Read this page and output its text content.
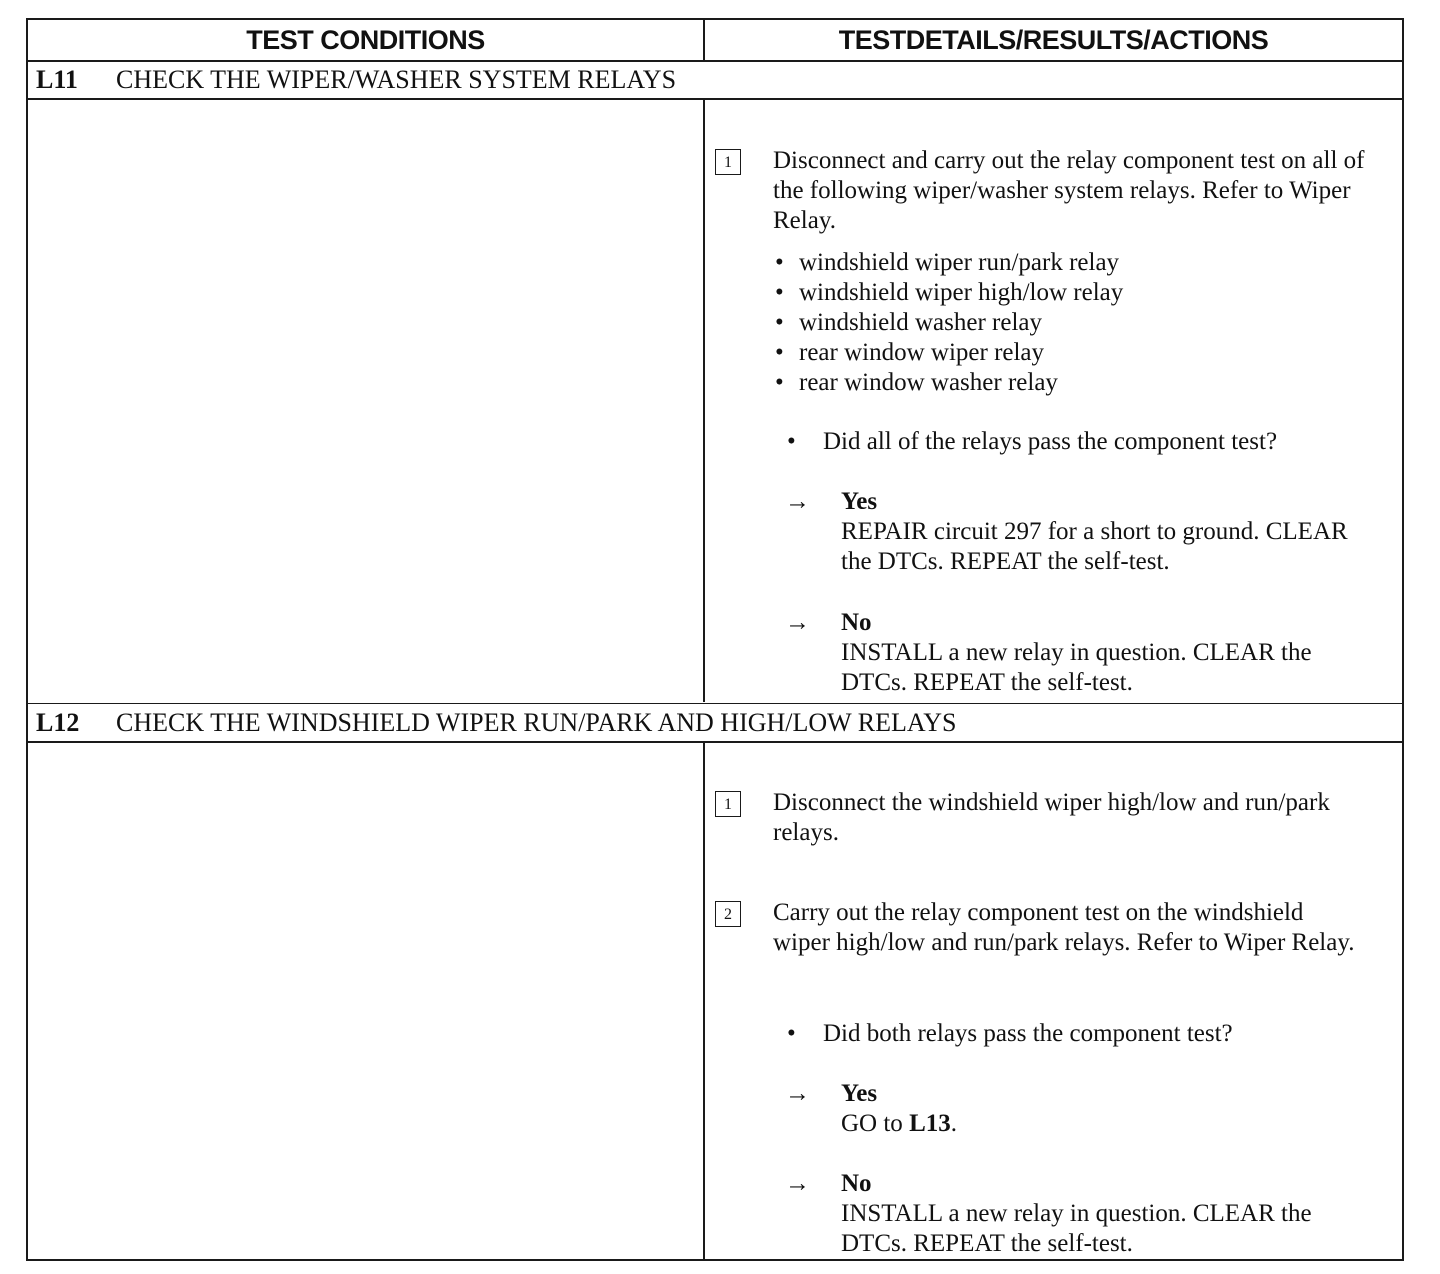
TEST CONDITIONS	TESTDETAILS/RESULTS/ACTIONS
L11 CHECK THE WIPER/WASHER SYSTEM RELAYS
1	Disconnect and carry out the relay component test on all of the following wiper/washer system relays. Refer to Wiper Relay.
• windshield wiper run/park relay
• windshield wiper high/low relay
• windshield washer relay
• rear window wiper relay
• rear window washer relay
• Did all of the relays pass the component test?
→	Yes
REPAIR circuit 297 for a short to ground. CLEAR the DTCs. REPEAT the self-test.
→	No
INSTALL a new relay in question. CLEAR the DTCs. REPEAT the self-test.
L12 CHECK THE WINDSHIELD WIPER RUN/PARK AND HIGH/LOW RELAYS
1	Disconnect the windshield wiper high/low and run/park relays.
2	Carry out the relay component test on the windshield wiper high/low and run/park relays. Refer to Wiper Relay.
• Did both relays pass the component test?
→	Yes
GO to L13.
→	No
INSTALL a new relay in question. CLEAR the DTCs. REPEAT the self-test.
